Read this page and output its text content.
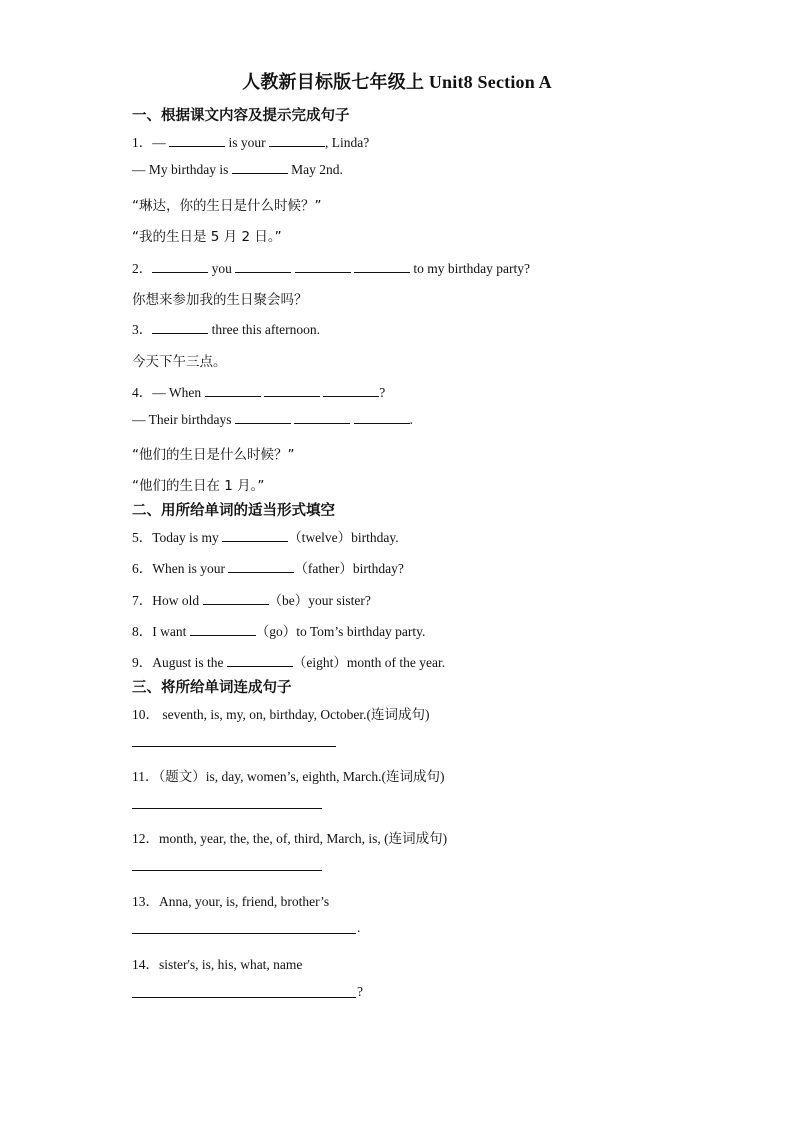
人教新目标版七年级上 Unit8 Section A
一、根据课文内容及提示完成句子
1．—	is your	, Linda?
— My birthday is	May 2nd.
“琳达，你的生日是什么时候？”
“我的生日是 5 月 2 日。”
2．	you	to my birthday party?
你想来参加我的生日聚会吗？
3．	three this afternoon.
今天下午三点。
4．— When	?
— Their birthdays	.
“他们的生日是什么时候？”
“他们的生日在 1 月。”
二、用所给单词的适当形式填空
5．Today is my	（twelve）birthday.
6．When is your	（father）birthday?
7．How old	（be）your sister?
8．I want	（go）to Tom’s birthday party.
9．August is the	（eight）month of the year.
三、将所给单词连成句子
10． seventh, is, my, on, birthday, October.(连词成句)
11．（题文）is, day, women’s, eighth, March.(连词成句)
12．month, year, the, the, of, third, March, is, (连词成句)
13．Anna, your, is, friend, brother’s
.
14．sister's, is, his, what, name
?
